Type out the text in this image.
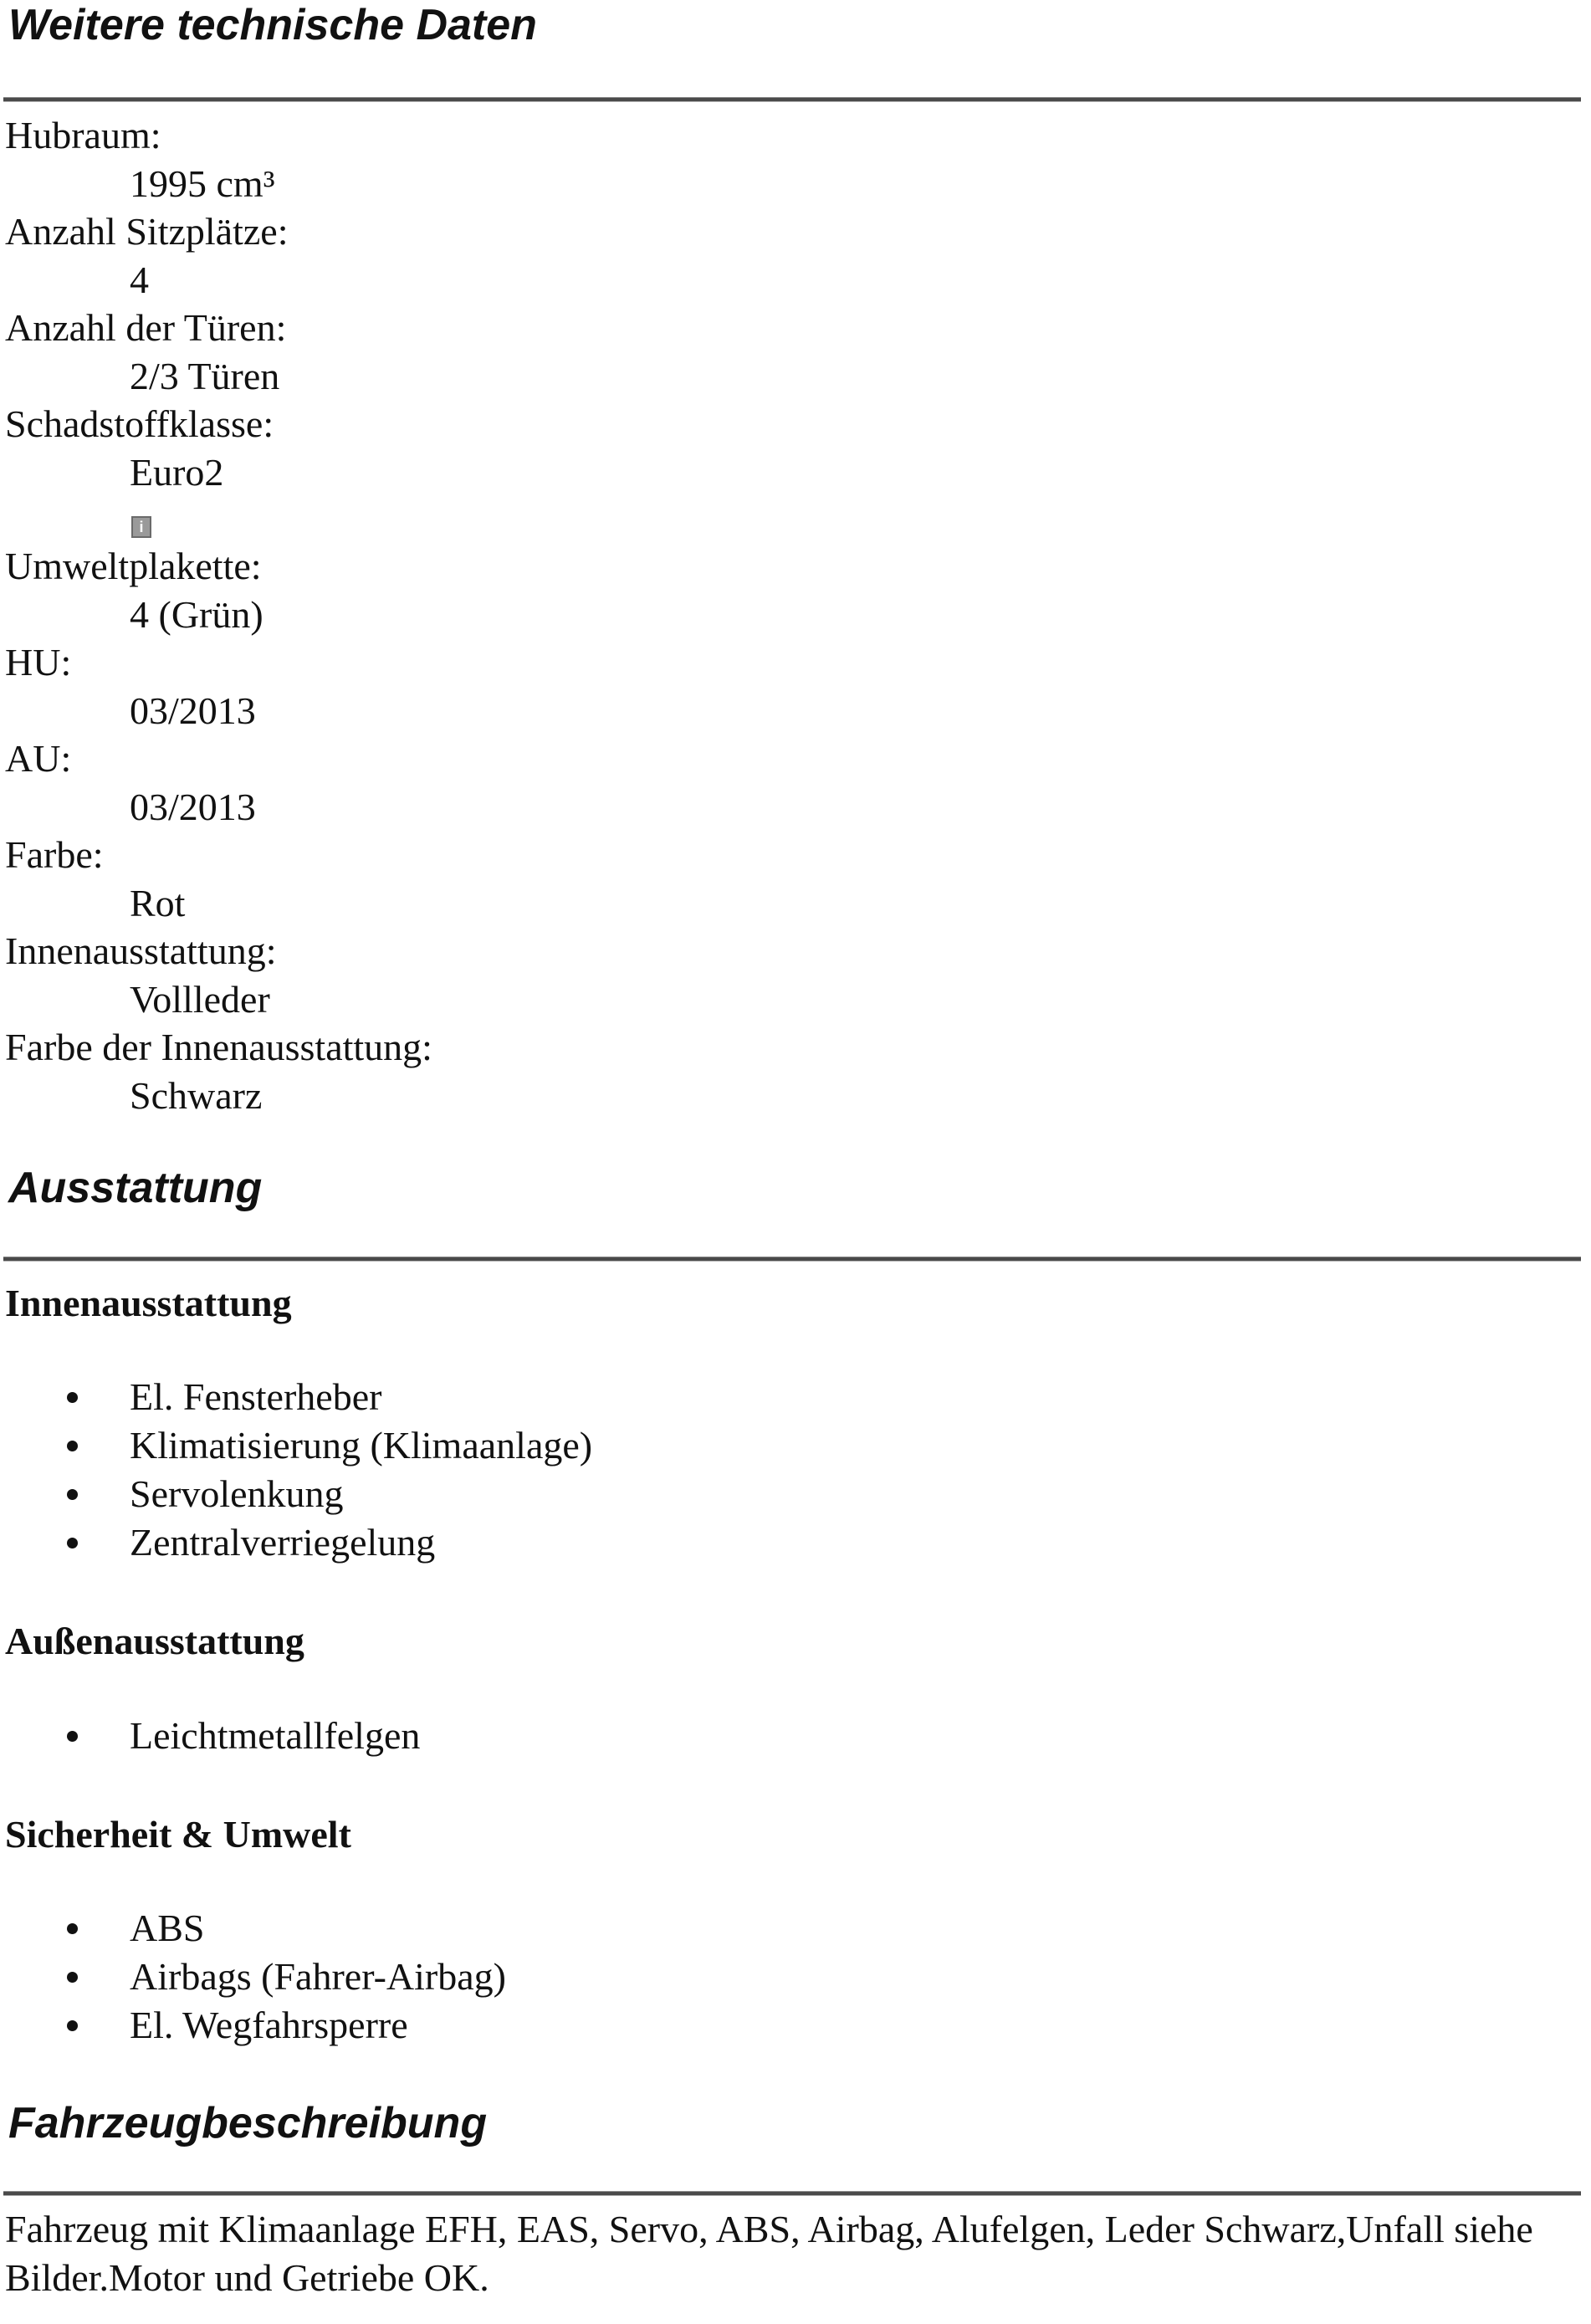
Weitere technische Daten
Hubraum:
1995 cm³
Anzahl Sitzplätze:
4
Anzahl der Türen:
2/3 Türen
Schadstoffklasse:
Euro2
Umweltplakette:
4 (Grün)
HU:
03/2013
AU:
03/2013
Farbe:
Rot
Innenausstattung:
Vollleder
Farbe der Innenausstattung:
Schwarz
i
Ausstattung
Innenausstattung
El. Fensterheber
Klimatisierung (Klimaanlage)
Servolenkung
Zentralverriegelung
Außenausstattung
Leichtmetallfelgen
Sicherheit & Umwelt
ABS
Airbags (Fahrer-Airbag)
El. Wegfahrsperre
Fahrzeugbeschreibung

Fahrzeug mit Klimaanlage EFH, EAS, Servo, ABS, Airbag, Alufelgen, Leder Schwarz,Unfall siehe Bilder.Motor und Getriebe OK.
